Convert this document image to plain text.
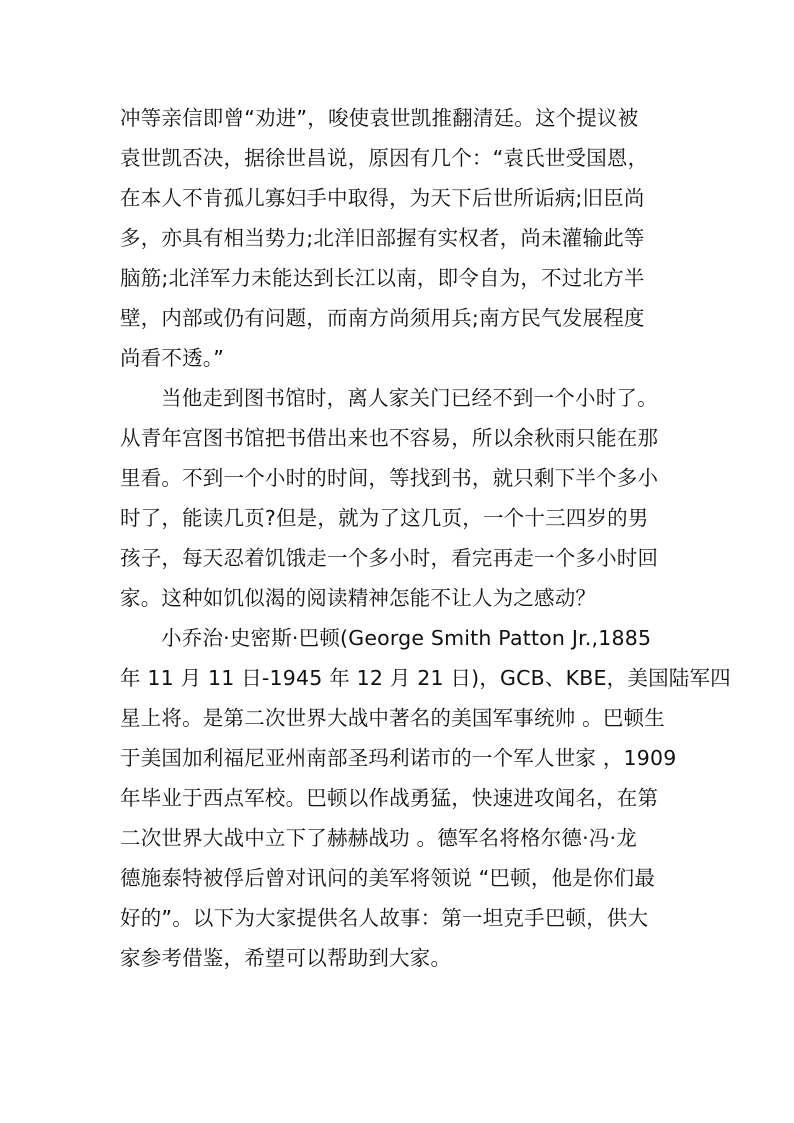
冲等亲信即曾“劝进”，唆使袁世凯推翻清廷。这个提议被
袁世凯否决，据徐世昌说，原因有几个：“袁氏世受国恩，
在本人不肯孤儿寡妇手中取得，为天下后世所诟病;旧臣尚
多，亦具有相当势力;北洋旧部握有实权者，尚未灌输此等
脑筋;北洋军力未能达到长江以南，即令自为，不过北方半
壁，内部或仍有问题，而南方尚须用兵;南方民气发展程度
尚看不透。”
当他走到图书馆时，离人家关门已经不到一个小时了。
从青年宫图书馆把书借出来也不容易，所以余秋雨只能在那
里看。不到一个小时的时间，等找到书，就只剩下半个多小
时了，能读几页?但是，就为了这几页，一个十三四岁的男
孩子，每天忍着饥饿走一个多小时，看完再走一个多小时回
家。这种如饥似渴的阅读精神怎能不让人为之感动？
小乔治·史密斯·巴顿(George Smith Patton Jr.,1885
年 11 月 11 日-1945 年 12 月 21 日)，GCB、KBE，美国陆军四
星上将。是第二次世界大战中著名的美国军事统帅 。巴顿生
于美国加利福尼亚州南部圣玛利诺市的一个军人世家 ，1909
年毕业于西点军校。巴顿以作战勇猛，快速进攻闻名，在第
二次世界大战中立下了赫赫战功 。德军名将格尔德·冯·龙
德施泰特被俘后曾对讯问的美军将领说 “巴顿，他是你们最
好的”。以下为大家提供名人故事：第一坦克手巴顿，供大
家参考借鉴，希望可以帮助到大家。
